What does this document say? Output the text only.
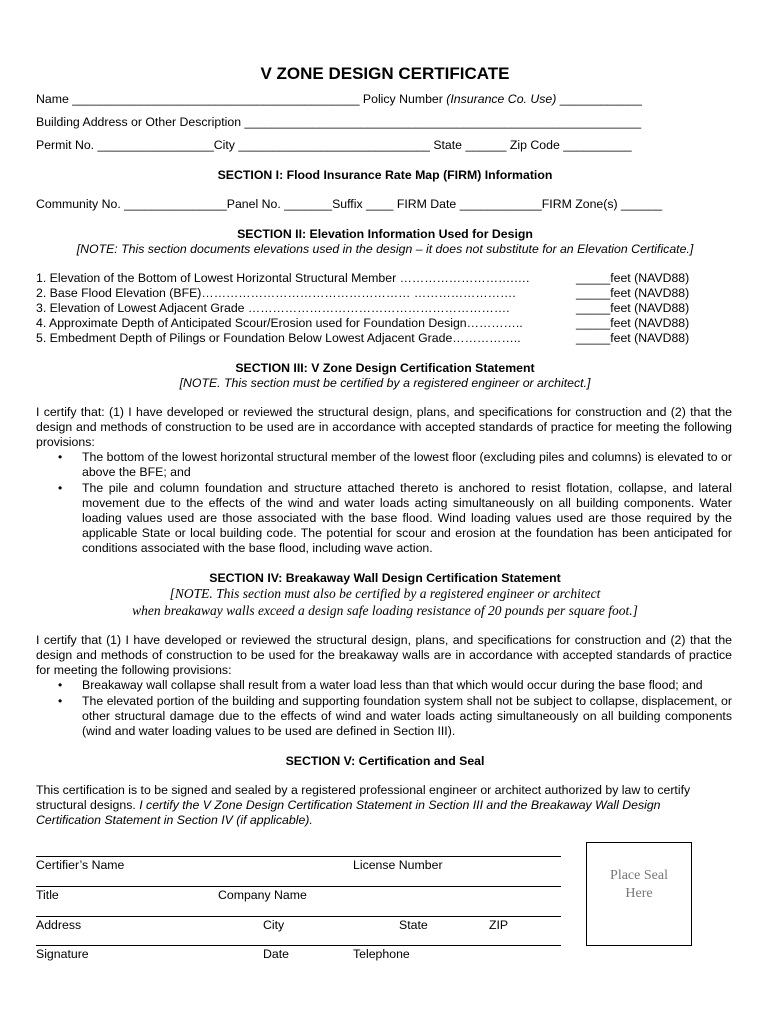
V ZONE DESIGN CERTIFICATE
Name __________________________________________ Policy Number (Insurance Co. Use) ____________
Building Address or Other Description __________________________________________________________
Permit No. _________________City ____________________________ State ______ Zip Code __________
SECTION I: Flood Insurance Rate Map (FIRM) Information
Community No. _______________Panel No. _______Suffix ____ FIRM Date ____________FIRM Zone(s) ______
SECTION II: Elevation Information Used for Design
[NOTE: This section documents elevations used in the design – it does not substitute for an Elevation Certificate.]
1. Elevation of the Bottom of Lowest Horizontal Structural Member ……………………….….	_____feet (NAVD88)
2. Base Flood Elevation (BFE)…………………………………………… …………………….	_____feet (NAVD88)
3. Elevation of Lowest Adjacent Grade ……………………………………………………….	_____feet (NAVD88)
4. Approximate Depth of Anticipated Scour/Erosion used for Foundation Design…………..	_____feet (NAVD88)
5. Embedment Depth of Pilings or Foundation Below Lowest Adjacent Grade……………..	_____feet (NAVD88)
SECTION III: V Zone Design Certification Statement
[NOTE. This section must be certified by a registered engineer or architect.]
I certify that: (1) I have developed or reviewed the structural design, plans, and specifications for construction and (2) that the design and methods of construction to be used are in accordance with accepted standards of practice for meeting the following provisions:
• The bottom of the lowest horizontal structural member of the lowest floor (excluding piles and columns) is elevated to or above the BFE; and
• The pile and column foundation and structure attached thereto is anchored to resist flotation, collapse, and lateral movement due to the effects of the wind and water loads acting simultaneously on all building components. Water loading values used are those associated with the base flood. Wind loading values used are those required by the applicable State or local building code. The potential for scour and erosion at the foundation has been anticipated for conditions associated with the base flood, including wave action.
SECTION IV: Breakaway Wall Design Certification Statement
[NOTE. This section must also be certified by a registered engineer or architect
when breakaway walls exceed a design safe loading resistance of 20 pounds per square foot.]
I certify that (1) I have developed or reviewed the structural design, plans, and specifications for construction and (2) that the design and methods of construction to be used for the breakaway walls are in accordance with accepted standards of practice for meeting the following provisions:
• Breakaway wall collapse shall result from a water load less than that which would occur during the base flood; and
• The elevated portion of the building and supporting foundation system shall not be subject to collapse, displacement, or other structural damage due to the effects of wind and water loads acting simultaneously on all building components (wind and water loading values to be used are defined in Section III).
SECTION V: Certification and Seal
This certification is to be signed and sealed by a registered professional engineer or architect authorized by law to certify structural designs. I certify the V Zone Design Certification Statement in Section III and the Breakaway Wall Design Certification Statement in Section IV (if applicable).
Certifier’s Name	License Number
Title	Company Name
Address	City	State	ZIP
Signature	Date	Telephone
Place Seal
Here
